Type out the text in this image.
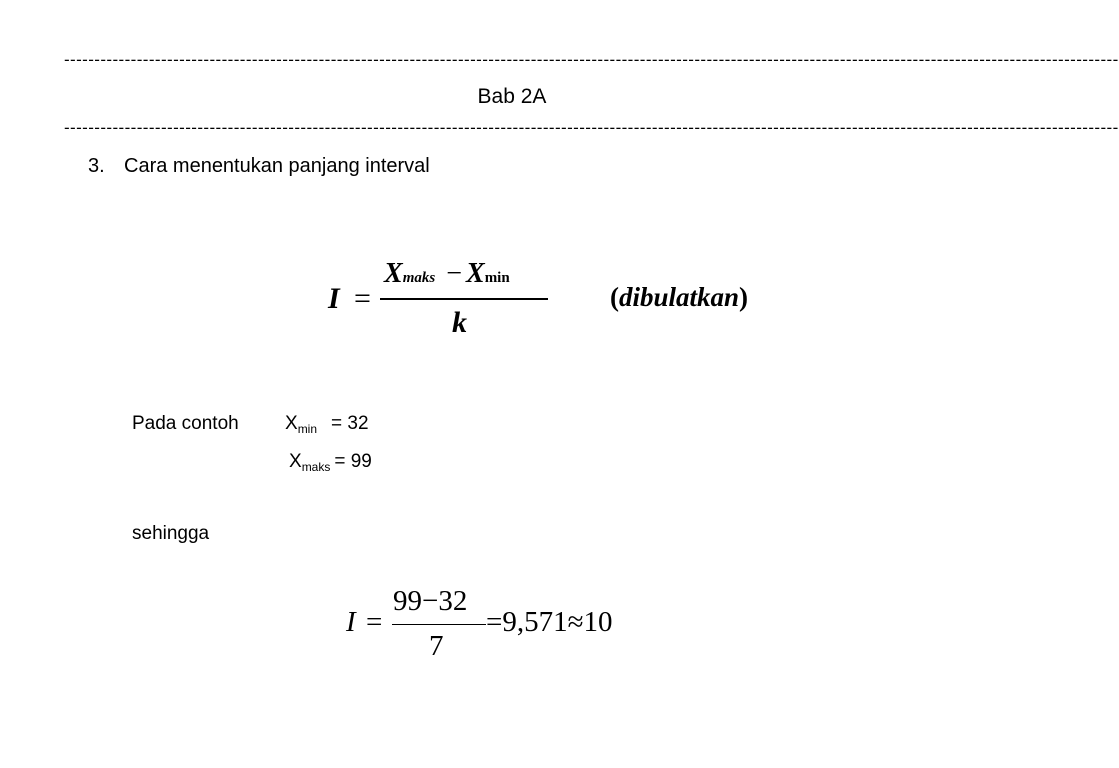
------------------------------------------------------------------------------------------------------------------------------------------------------------------------------
Bab 2A
------------------------------------------------------------------------------------------------------------------------------------------------------------------------------
3. Cara menentukan panjang interval
I =
Xmaks − Xmin
k
(dibulatkan)
Pada contoh $X_{min} = 32$
$X_{maks} = 99$
sehingga
I =
99−32
7
=9,571≈10
